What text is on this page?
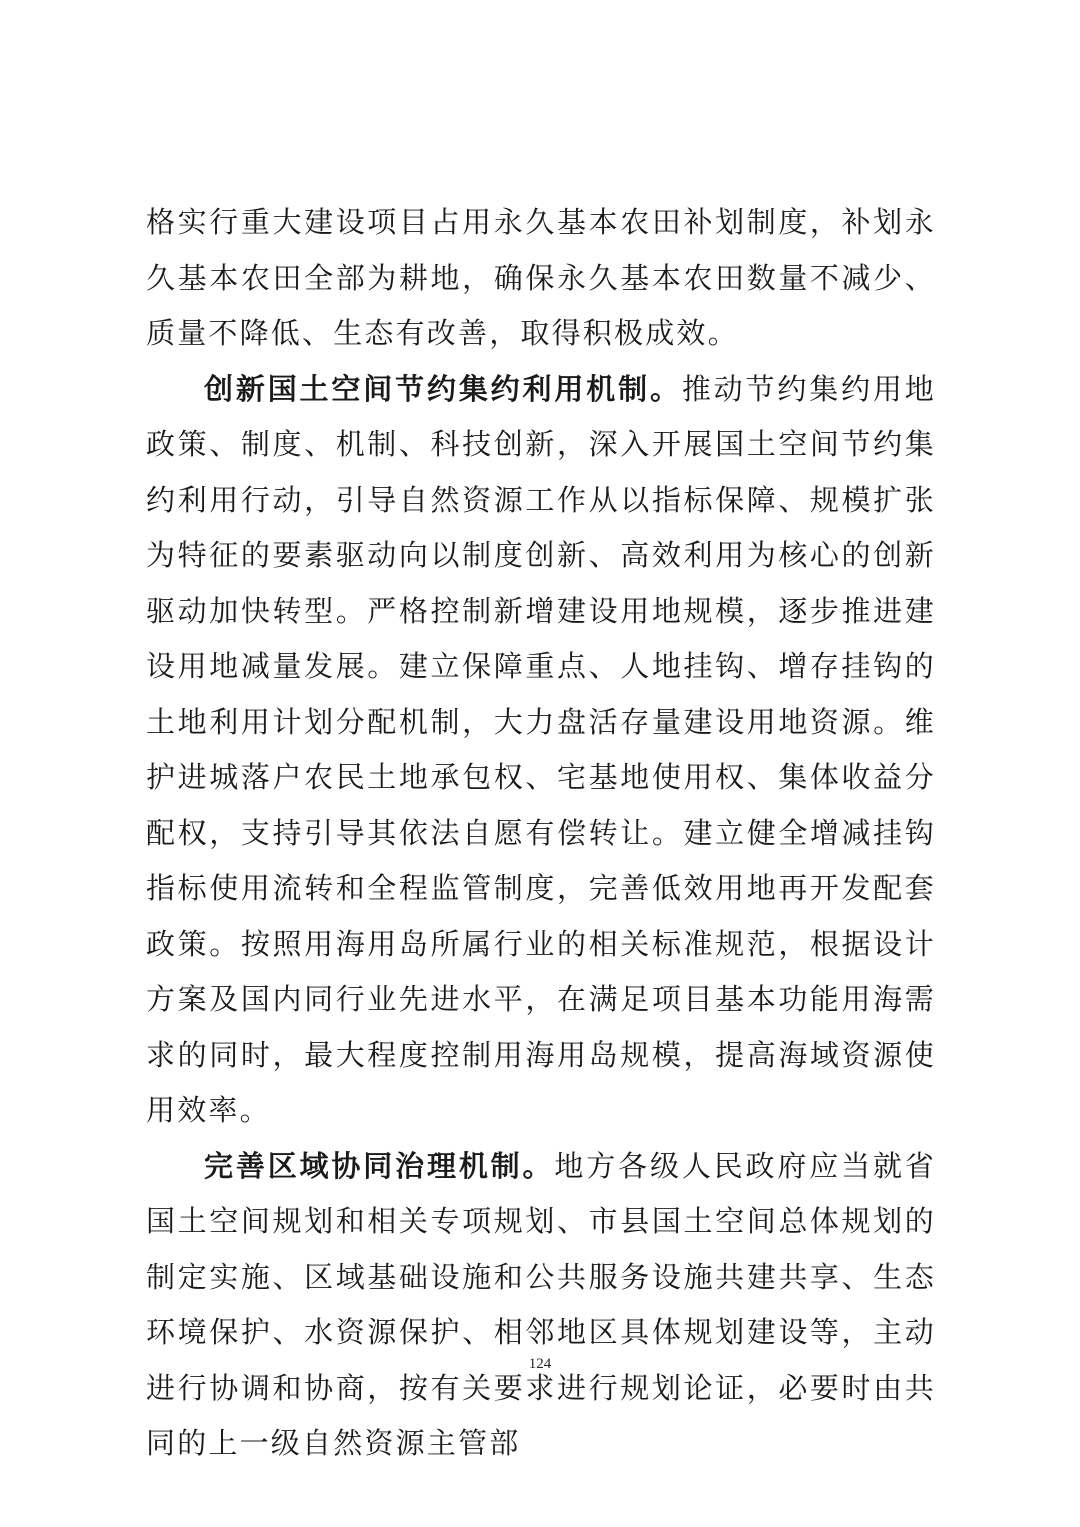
格实行重大建设项目占用永久基本农田补划制度，补划永久基本农田全部为耕地，确保永久基本农田数量不减少、质量不降低、生态有改善，取得积极成效。

创新国土空间节约集约利用机制。推动节约集约用地政策、制度、机制、科技创新，深入开展国土空间节约集约利用行动，引导自然资源工作从以指标保障、规模扩张为特征的要素驱动向以制度创新、高效利用为核心的创新驱动加快转型。严格控制新增建设用地规模，逐步推进建设用地减量发展。建立保障重点、人地挂钩、增存挂钩的土地利用计划分配机制，大力盘活存量建设用地资源。维护进城落户农民土地承包权、宅基地使用权、集体收益分配权，支持引导其依法自愿有偿转让。建立健全增减挂钩指标使用流转和全程监管制度，完善低效用地再开发配套政策。按照用海用岛所属行业的相关标准规范，根据设计方案及国内同行业先进水平，在满足项目基本功能用海需求的同时，最大程度控制用海用岛规模，提高海域资源使用效率。

完善区域协同治理机制。地方各级人民政府应当就省国土空间规划和相关专项规划、市县国土空间总体规划的制定实施、区域基础设施和公共服务设施共建共享、生态环境保护、水资源保护、相邻地区具体规划建设等，主动进行协调和协商，按有关要求进行规划论证，必要时由共同的上一级自然资源主管部

124
